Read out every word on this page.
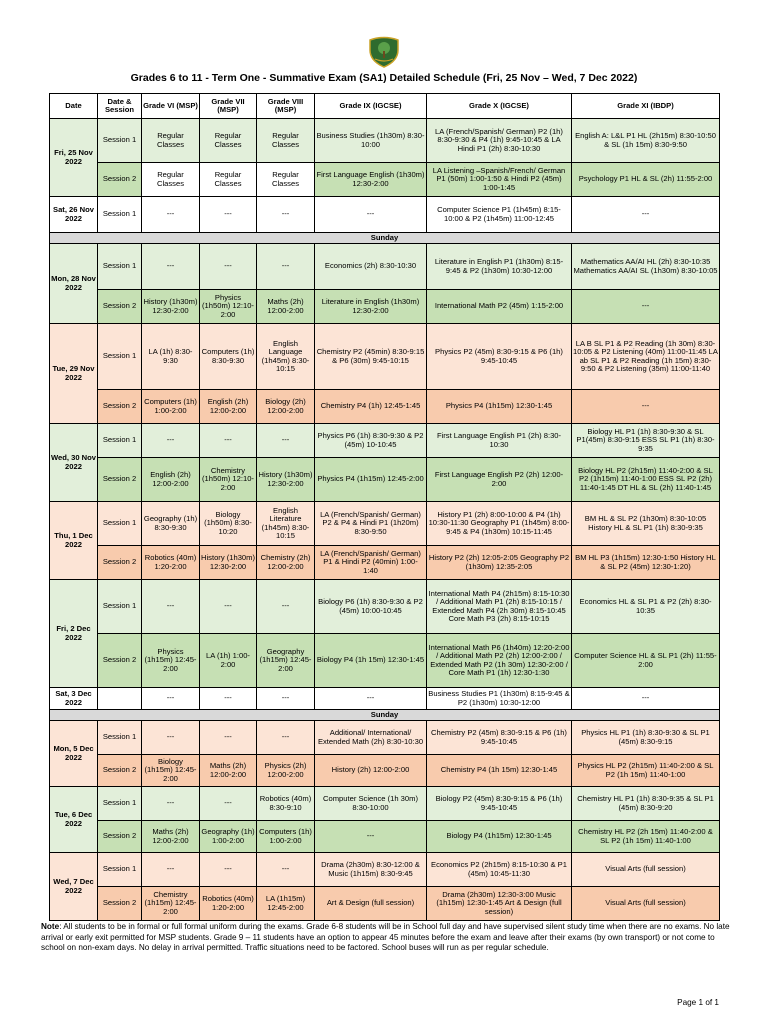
Grades 6 to 11 - Term One - Summative Exam (SA1) Detailed Schedule (Fri, 25 Nov – Wed, 7 Dec 2022)
Date	Date & Session	Grade VI (MSP)	Grade VII (MSP)	Grade VIII (MSP)	Grade IX (IGCSE)	Grade X (IGCSE)	Grade XI (IBDP)
Fri, 25 Nov 2022	Session 1	Regular Classes	Regular Classes	Regular Classes	Business Studies (1h30m) 8:30-10:00	LA (French/Spanish/ German) P2 (1h) 8:30-9:30 & P4 (1h) 9:45-10:45 & LA Hindi P1 (2h) 8:30-10:30	English A: L&L P1 HL (2h15m) 8:30-10:50 & SL (1h 15m) 8:30-9:50
	Session 2	Regular Classes	Regular Classes	Regular Classes	First Language English (1h30m) 12:30-2:00	LA Listening –Spanish/French/ German P1 (50m) 1:00-1:50 & Hindi P2 (45m) 1:00-1:45	Psychology P1 HL & SL (2h) 11:55-2:00
Sat, 26 Nov 2022	Session 1	---	---	---	---	Computer Science P1 (1h45m) 8:15-10:00 & P2 (1h45m) 11:00-12:45	---
Sunday							
Mon, 28 Nov 2022	Session 1	---	---	---	Economics (2h) 8:30-10:30	Literature in English P1 (1h30m) 8:15-9:45 & P2 (1h30m) 10:30-12:00	Mathematics AA/AI HL (2h) 8:30-10:35 Mathematics AA/AI SL (1h30m) 8:30-10:05
	Session 2	History (1h30m) 12:30-2:00	Physics (1h50m) 12:10-2:00	Maths (2h) 12:00-2:00	Literature in English (1h30m) 12:30-2:00	International Math P2 (45m) 1:15-2:00	---
Tue, 29 Nov 2022	Session 1	LA (1h) 8:30-9:30	Computers (1h) 8:30-9:30	English Language (1h45m) 8:30-10:15	Chemistry P2 (45min) 8:30-9:15 & P6 (30m) 9:45-10:15	Physics P2 (45m) 8:30-9:15 & P6 (1h) 9:45-10:45	LA B SL P1 & P2 Reading (1h 30m) 8:30-10:05 & P2 Listening (40m) 11:00-11:45 LA ab SL P1 & P2 Reading (1h 15m) 8:30-9:50 & P2 Listening (35m) 11:00-11:40
	Session 2	Computers (1h) 1:00-2:00	English (2h) 12:00-2:00	Biology (2h) 12:00-2:00	Chemistry P4 (1h) 12:45-1:45	Physics P4 (1h15m) 12:30-1:45	---
Wed, 30 Nov 2022	Session 1	---	---	---	Physics P6 (1h) 8:30-9:30 & P2 (45m) 10-10:45	First Language English P1 (2h) 8:30-10:30	Biology HL P1 (1h) 8:30-9:30 & SL P1(45m) 8:30-9:15 ESS SL P1 (1h) 8:30-9:35
	Session 2	English (2h) 12:00-2:00	Chemistry (1h50m) 12:10-2:00	History (1h30m) 12:30-2:00	Physics P4 (1h15m) 12:45-2:00	First Language English P2 (2h) 12:00-2:00	Biology HL P2 (2h15m) 11:40-2:00 & SL P2 (1h15m) 11:40-1:00 ESS SL P2 (2h) 11:40-1:45 DT HL & SL (2h) 11:40-1:45
Thu, 1 Dec 2022	Session 1	Geography (1h) 8:30-9:30	Biology (1h50m) 8:30-10:20	English Literature (1h45m) 8:30-10:15	LA (French/Spanish/ German) P2 & P4 & Hindi P1 (1h20m) 8:30-9:50	History P1 (2h) 8:00-10:00 & P4 (1h) 10:30-11:30 Geography P1 (1h45m) 8:00-9:45 & P4 (1h30m) 10:15-11:45	BM HL & SL P2 (1h30m) 8:30-10:05 History HL & SL P1 (1h) 8:30-9:35
	Session 2	Robotics (40m) 1:20-2:00	History (1h30m) 12:30-2:00	Chemistry (2h) 12:00-2:00	LA (French/Spanish/ German) P1 & Hindi P2 (40min) 1:00-1:40	History P2 (2h) 12:05-2:05 Geography P2 (1h30m) 12:35-2:05	BM HL P3 (1h15m) 12:30-1:50 History HL & SL P2 (45m) 12:30-1:20)
Fri, 2 Dec 2022	Session 1	---	---	---	Biology P6 (1h) 8:30-9:30 & P2 (45m) 10:00-10:45	International Math P4 (2h15m) 8:15-10:30 / Additional Math P1 (2h) 8:15-10:15 / Extended Math P4 (2h 30m) 8:15-10:45 Core Math P3 (2h) 8:15-10:15	Economics HL & SL P1 & P2 (2h) 8:30-10:35
	Session 2	Physics (1h15m) 12:45-2:00	LA (1h) 1:00-2:00	Geography (1h15m) 12:45-2:00	Biology P4 (1h 15m) 12:30-1:45	International Math P6 (1h40m) 12:20-2:00 / Additional Math P2 (2h) 12:00-2:00 / Extended Math P2 (1h 30m) 12:30-2:00 / Core Math P1 (1h) 12:30-1:30	Computer Science HL & SL P1 (2h) 11:55-2:00
Sat, 3 Dec 2022		---	---	---	---	Business Studies P1 (1h30m) 8:15-9:45 & P2 (1h30m) 10:30-12:00	---
Sunday							
Mon, 5 Dec 2022	Session 1	---	---	---	Additional/ International/ Extended Math (2h) 8:30-10:30	Chemistry P2 (45m) 8:30-9:15 & P6 (1h) 9:45-10:45	Physics HL P1 (1h) 8:30-9:30 & SL P1 (45m) 8:30-9:15
	Session 2	Biology (1h15m) 12:45-2:00	Maths (2h) 12:00-2:00	Physics (2h) 12:00-2:00	History (2h) 12:00-2:00	Chemistry P4 (1h 15m) 12:30-1:45	Physics HL P2 (2h15m) 11:40-2:00 & SL P2 (1h 15m) 11:40-1:00
Tue, 6 Dec 2022	Session 1	---	---	Robotics (40m) 8:30-9:10	Computer Science (1h 30m) 8:30-10:00	Biology P2 (45m) 8:30-9:15 & P6 (1h) 9:45-10:45	Chemistry HL P1 (1h) 8:30-9:35 & SL P1 (45m) 8:30-9:20
	Session 2	Maths (2h) 12:00-2:00	Geography (1h) 1:00-2:00	Computers (1h) 1:00-2:00	---	Biology P4 (1h15m) 12:30-1:45	Chemistry HL P2 (2h 15m) 11:40-2:00 & SL P2 (1h 15m) 11:40-1:00
Wed, 7 Dec 2022	Session 1	---	---	---	Drama (2h30m) 8:30-12:00 & Music (1h15m) 8:30-9:45	Economics P2 (2h15m) 8:15-10:30 & P1 (45m) 10:45-11:30	Visual Arts (full session)
	Session 2	Chemistry (1h15m) 12:45-2:00	Robotics (40m) 1:20-2:00	LA (1h15m) 12:45-2:00	Art & Design (full session)	Drama (2h30m) 12:30-3:00 Music (1h15m) 12:30-1:45 Art & Design (full session)	Visual Arts (full session)
Note: All students to be in formal or full formal uniform during the exams. Grade 6-8 students will be in School full day and have supervised silent study time when there are no exams. No late arrival or early exit permitted for MSP students. Grade 9 – 11 students have an option to appear 45 minutes before the exam and leave after their exams (by own transport) or not come to school on non-exam days. No delay in arrival permitted. Traffic situations need to be factored. School buses will run as per regular schedule.
Page 1 of 1
